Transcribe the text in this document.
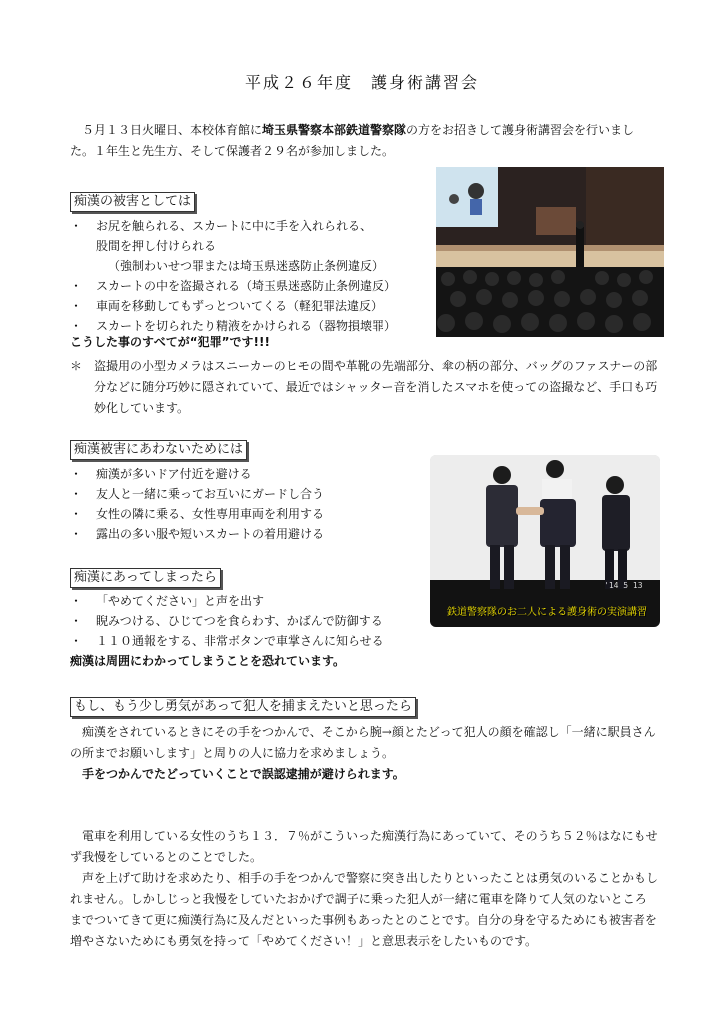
平成２６年度　護身術講習会
　５月１３日火曜日、本校体育館に埼玉県警察本部鉄道警察隊の方をお招きして護身術講習会を行いました。１年生と先生方、そして保護者２９名が参加しました。
痴漢の被害としては
・ お尻を触られる、スカートに中に手を入れられる、
股間を押し付けられる
（強制わいせつ罪または埼玉県迷惑防止条例違反）
・ スカートの中を盗撮される（埼玉県迷惑防止条例違反）
・ 車両を移動してもずっとついてくる（軽犯罪法違反）
・ スカートを切られたり精液をかけられる（器物損壊罪）
こうした事のすべてが“犯罪”です!!!
＊ 盗撮用の小型カメラはスニーカーのヒモの間や革靴の先端部分、傘の柄の部分、バッグのファスナーの部分などに随分巧妙に隠されていて、最近ではシャッター音を消したスマホを使っての盗撮など、手口も巧妙化しています。
痴漢被害にあわないためには
・ 痴漢が多いドア付近を避ける
・ 友人と一緒に乗ってお互いにガードし合う
・ 女性の隣に乗る、女性専用車両を利用する
・ 露出の多い服や短いスカートの着用避ける
'14 5 13
鉄道警察隊のお二人による護身術の実演講習
痴漢にあってしまったら
・ 「やめてください」と声を出す
・ 睨みつける、ひじてつを食らわす、かばんで防御する
・ １１０通報をする、非常ボタンで車掌さんに知らせる
痴漢は周囲にわかってしまうことを恐れています。
もし、もう少し勇気があって犯人を捕まえたいと思ったら
　痴漢をされているときにその手をつかんで、そこから腕→顔とたどって犯人の顔を確認し「一緒に駅員さんの所までお願いします」と周りの人に協力を求めましょう。
手をつかんでたどっていくことで誤認逮捕が避けられます。
　電車を利用している女性のうち１３．７％がこういった痴漢行為にあっていて、そのうち５２％はなにもせず我慢をしているとのことでした。
　声を上げて助けを求めたり、相手の手をつかんで警察に突き出したりといったことは勇気のいることかもしれません。しかしじっと我慢をしていたおかげで調子に乗った犯人が一緒に電車を降りて人気のないところまでついてきて更に痴漢行為に及んだといった事例もあったとのことです。自分の身を守るためにも被害者を増やさないためにも勇気を持って「やめてください！」と意思表示をしたいものです。
